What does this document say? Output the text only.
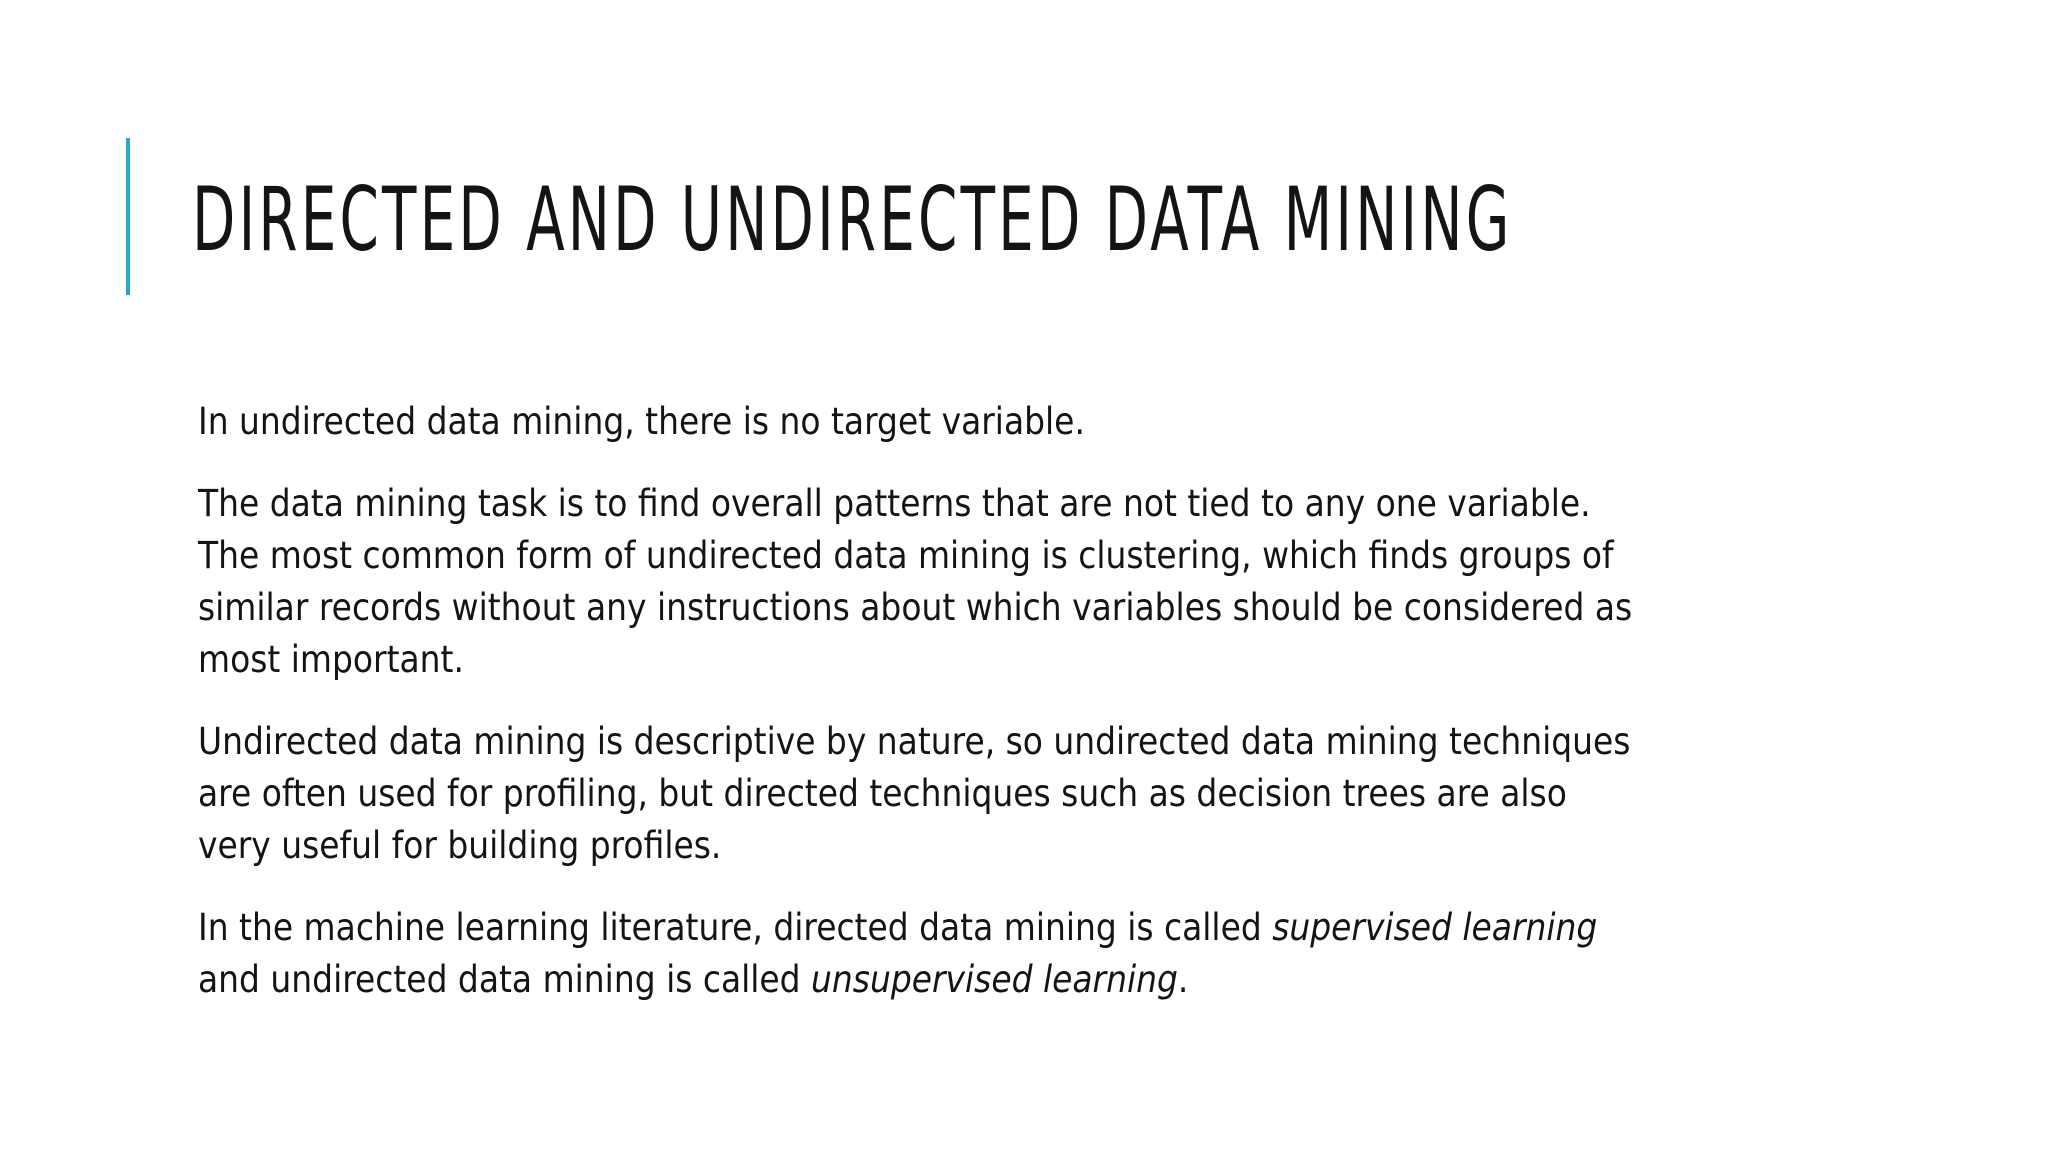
DIRECTED AND UNDIRECTED DATA MINING

In undirected data mining, there is no target variable.

The data mining task is to find overall patterns that are not tied to any one variable.
The most common form of undirected data mining is clustering, which finds groups of
similar records without any instructions about which variables should be considered as
most important.

Undirected data mining is descriptive by nature, so undirected data mining techniques
are often used for profiling, but directed techniques such as decision trees are also
very useful for building profiles.

In the machine learning literature, directed data mining is called supervised learning
and undirected data mining is called unsupervised learning.
